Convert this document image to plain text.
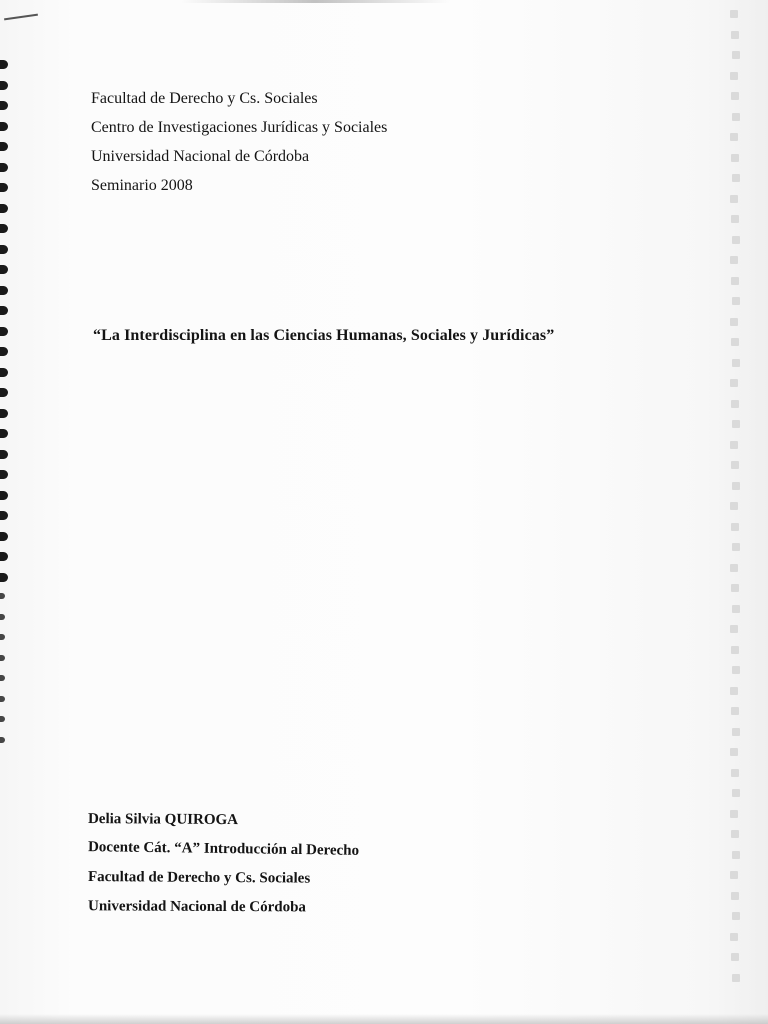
Facultad de Derecho y Cs. Sociales
Centro de Investigaciones Jurídicas y Sociales
Universidad Nacional de Córdoba
Seminario 2008
“La Interdisciplina en las Ciencias Humanas, Sociales y Jurídicas”
Delia Silvia QUIROGA
Docente Cát. “A” Introducción al Derecho
Facultad de Derecho y Cs. Sociales
Universidad Nacional de Córdoba
